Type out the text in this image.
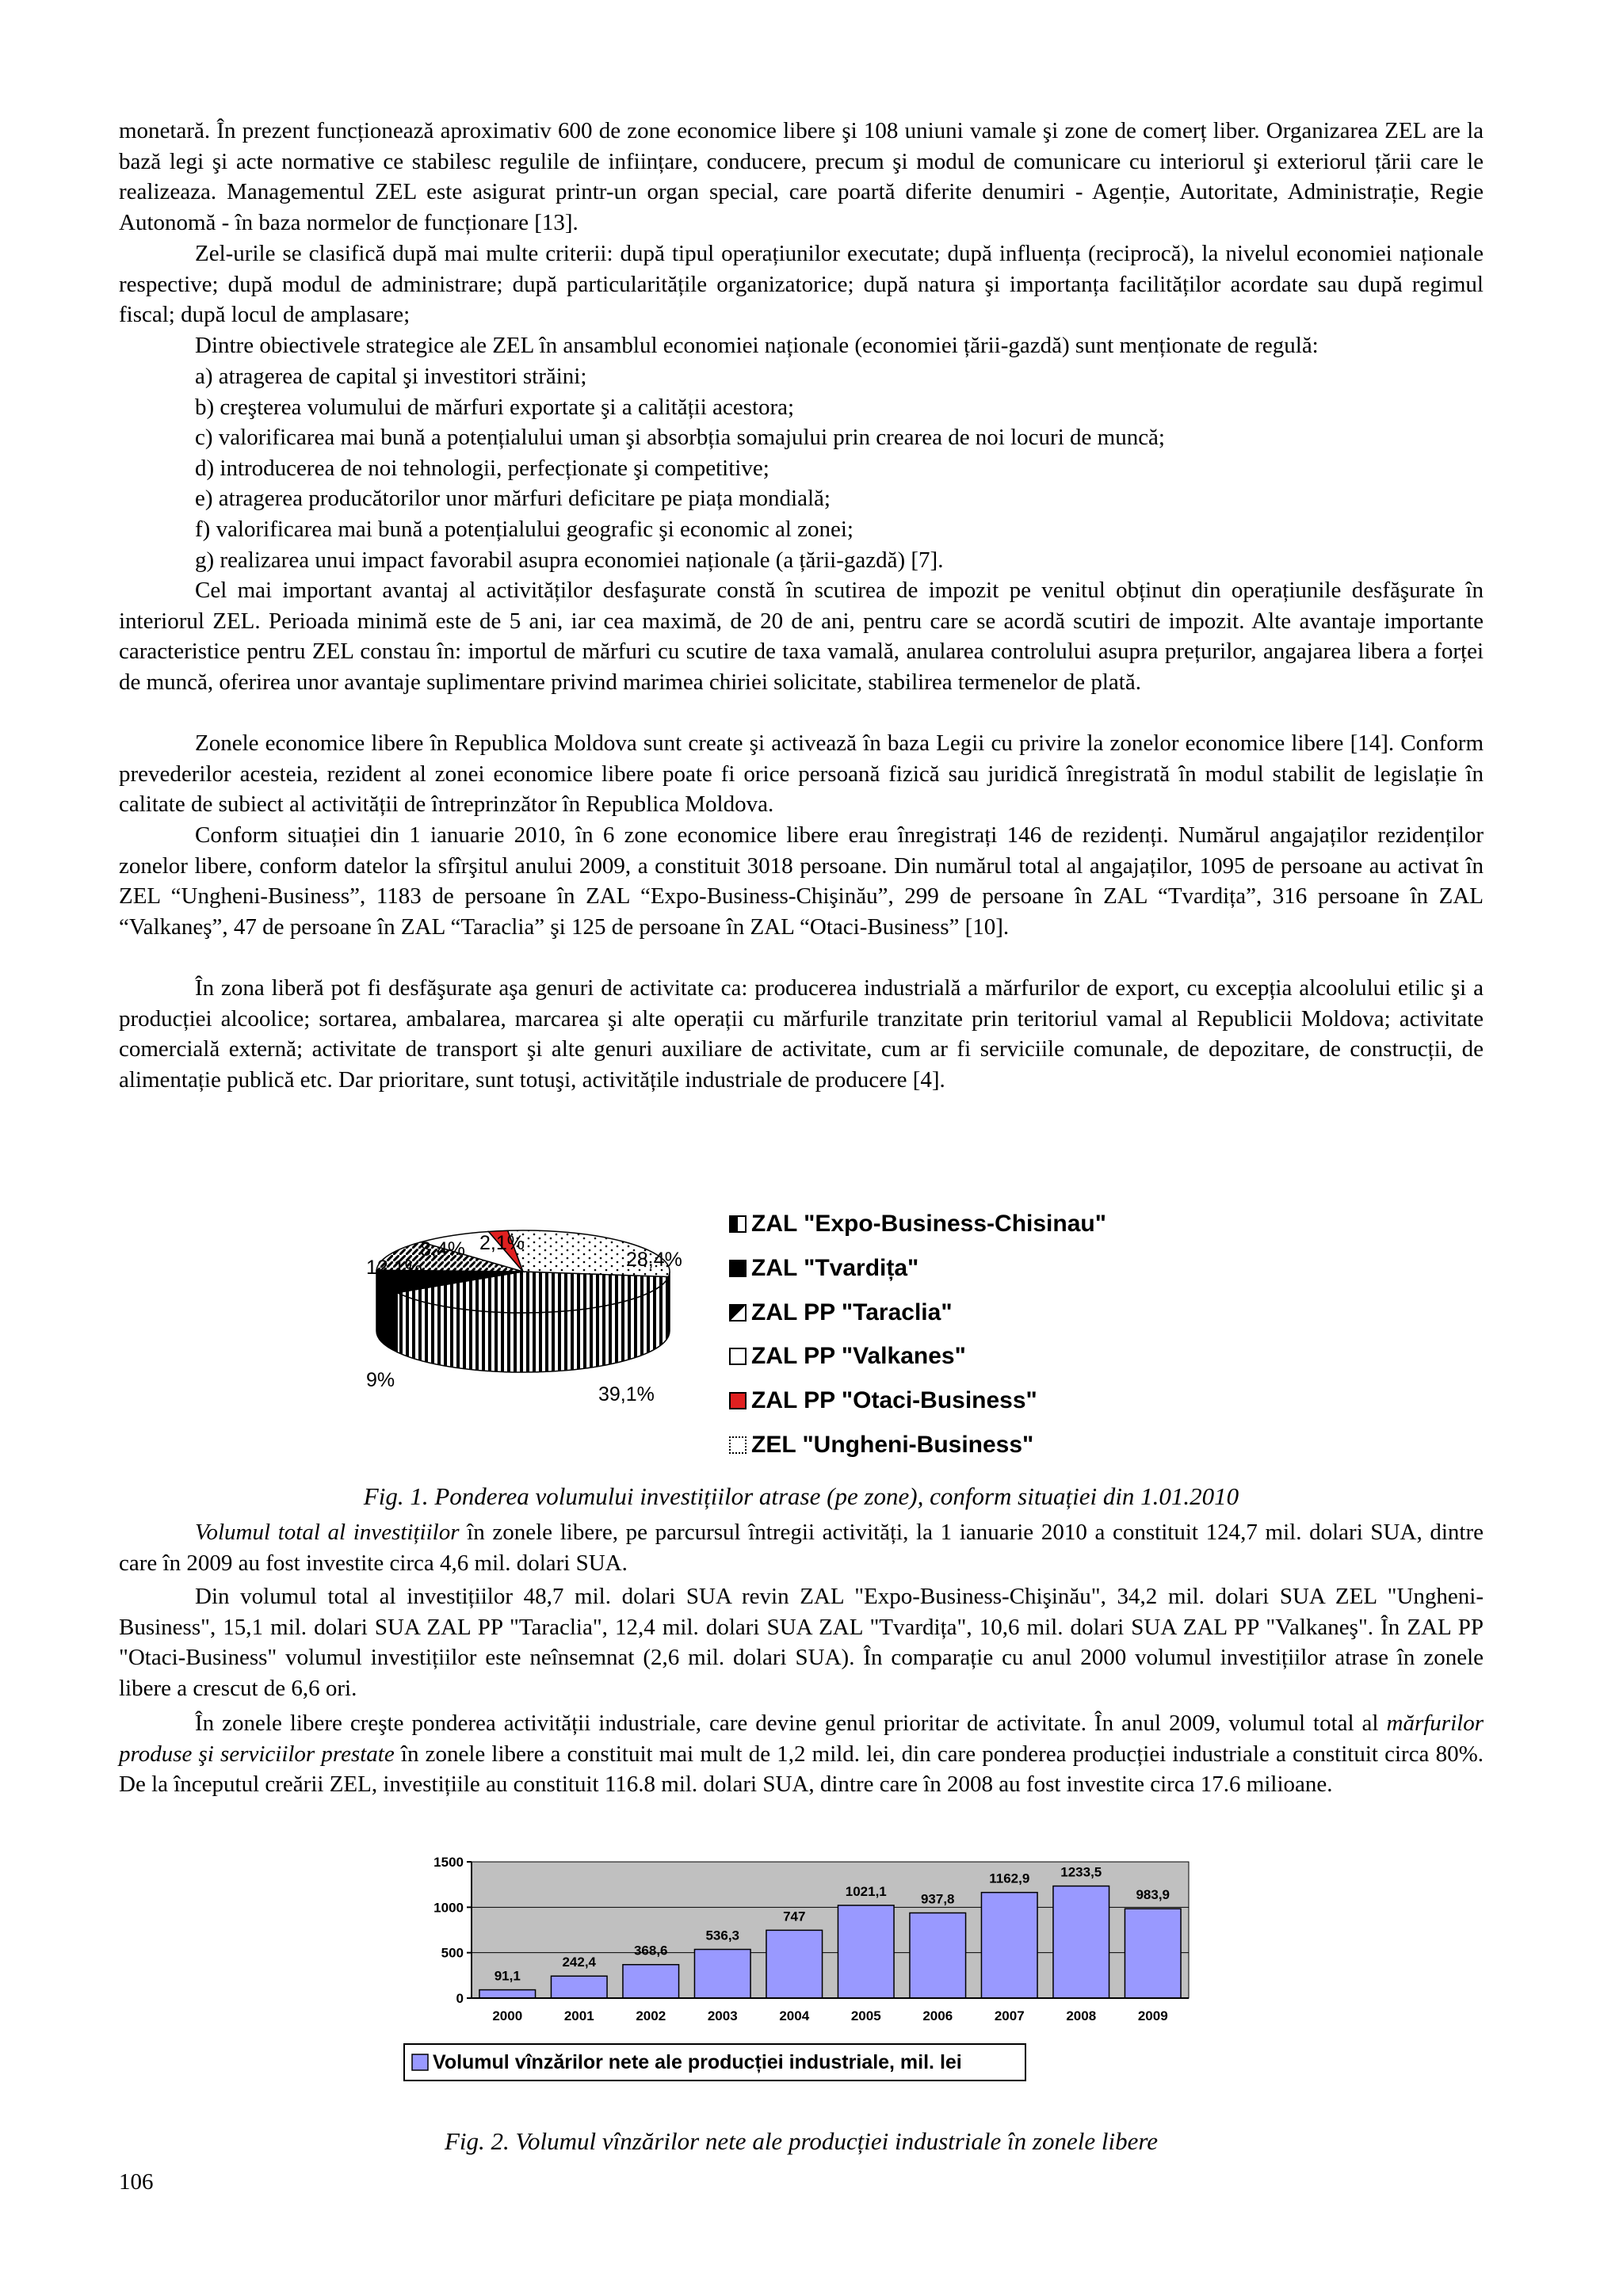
monetară. În prezent funcționează aproximativ 600 de zone economice libere şi 108 uniuni vamale şi zone de comerț liber. Organizarea ZEL are la bază legi şi acte normative ce stabilesc regulile de inființare, conducere, precum şi modul de comunicare cu interiorul şi exteriorul țării care le realizeaza. Managementul ZEL este asigurat printr-un organ special, care poartă diferite denumiri - Agenție, Autoritate, Administrație, Regie Autonomă - în baza normelor de funcționare [13].

Zel-urile se clasifică după mai multe criterii: după tipul operațiunilor executate; după influența (reciprocă), la nivelul economiei naționale respective; după modul de administrare; după particularitățile organizatorice; după natura şi importanța facilităților acordate sau după regimul fiscal; după locul de amplasare;

Dintre obiectivele strategice ale ZEL în ansamblul economiei naționale (economiei țării-gazdă) sunt menționate de regulă:

a) atragerea de capital şi investitori străini;
b) creşterea volumului de mărfuri exportate şi a calității acestora;
c) valorificarea mai bună a potențialului uman şi absorbția somajului prin crearea de noi locuri de muncă;
d) introducerea de noi tehnologii, perfecționate şi competitive;
e) atragerea producătorilor unor mărfuri deficitare pe piața mondială;
f) valorificarea mai bună a potențialului geografic şi economic al zonei;
g) realizarea unui impact favorabil asupra economiei naționale (a țării-gazdă) [7].

Cel mai important avantaj al activităților desfaşurate constă în scutirea de impozit pe venitul obținut din operațiunile desfăşurate în interiorul ZEL. Perioada minimă este de 5 ani, iar cea maximă, de 20 de ani, pentru care se acordă scutiri de impozit. Alte avantaje importante caracteristice pentru ZEL constau în: importul de mărfuri cu scutire de taxa vamală, anularea controlului asupra prețurilor, angajarea libera a forței de muncă, oferirea unor avantaje suplimentare privind marimea chiriei solicitate, stabilirea termenelor de plată.

Zonele economice libere în Republica Moldova sunt create şi activează în baza Legii cu privire la zonelor economice libere [14]. Conform prevederilor acesteia, rezident al zonei economice libere poate fi orice persoană fizică sau juridică înregistrată în modul stabilit de legislație în calitate de subiect al activității de întreprinzător în Republica Moldova.

Conform situației din 1 ianuarie 2010, în 6 zone economice libere erau înregistrați 146 de rezidenți. Numărul angajaților rezidenților zonelor libere, conform datelor la sfîrşitul anului 2009, a constituit 3018 persoane. Din numărul total al angajaților, 1095 de persoane au activat în ZEL “Ungheni-Business”, 1183 de persoane în ZAL “Expo-Business-Chişinău”, 299 de persoane în ZAL “Tvardița”, 316 persoane în ZAL “Valkaneş”, 47 de persoane în ZAL “Taraclia” şi 125 de persoane în ZAL “Otaci-Business” [10].

În zona liberă pot fi desfăşurate aşa genuri de activitate ca: producerea industrială a mărfurilor de export, cu excepția alcoolului etilic şi a producției alcoolice; sortarea, ambalarea, marcarea şi alte operații cu mărfurile tranzitate prin teritoriul vamal al Republicii Moldova; activitate comercială externă; activitate de transport şi alte genuri auxiliare de activitate, cum ar fi serviciile comunale, de depozitare, de construcții, de alimentație publică etc. Dar prioritare, sunt totuşi, activitățile industriale de producere [4].

39,1%
9%
12,1%
8,4% 2,1%
28,4%
ZAL "Expo-Business-Chisinau"
ZAL "Tvardița"
ZAL PP "Taraclia"
ZAL PP "Valkanes"
ZAL PP "Otaci-Business"
ZEL "Ungheni-Business"

Fig. 1. Ponderea volumului investițiilor atrase (pe zone), conform situației din 1.01.2010

Volumul total al investițiilor în zonele libere, pe parcursul întregii activități, la 1 ianuarie 2010 a constituit 124,7 mil. dolari SUA, dintre care în 2009 au fost investite circa 4,6 mil. dolari SUA.

Din volumul total al investițiilor 48,7 mil. dolari SUA revin ZAL "Expo-Business-Chişinău", 34,2 mil. dolari SUA ZEL "Ungheni-Business", 15,1 mil. dolari SUA ZAL PP "Taraclia", 12,4 mil. dolari SUA ZAL "Tvardița", 10,6 mil. dolari SUA ZAL PP "Valkaneş". În ZAL PP "Otaci-Business" volumul investițiilor este neînsemnat (2,6 mil. dolari SUA). În comparație cu anul 2000 volumul investițiilor atrase în zonele libere a crescut de 6,6 ori.

În zonele libere creşte ponderea activității industriale, care devine genul prioritar de activitate. În anul 2009, volumul total al mărfurilor produse şi serviciilor prestate în zonele libere a constituit mai mult de 1,2 mild. lei, din care ponderea producției industriale a constituit circa 80%. De la începutul creării ZEL, investițiile au constituit 116.8 mil. dolari SUA, dintre care în 2008 au fost investite circa 17.6 milioane.

91,1
242,4
368,6
536,3
747
1021,1
937,8
1162,9 1233,5
983,9
0
500
1000
1500
2000	2001	2002	2003	2004	2005	2006	2007	2008	2009
Volumul vînzărilor nete ale producției industriale, mil. lei

Fig. 2. Volumul vînzărilor nete ale producției industriale în zonele libere

106
